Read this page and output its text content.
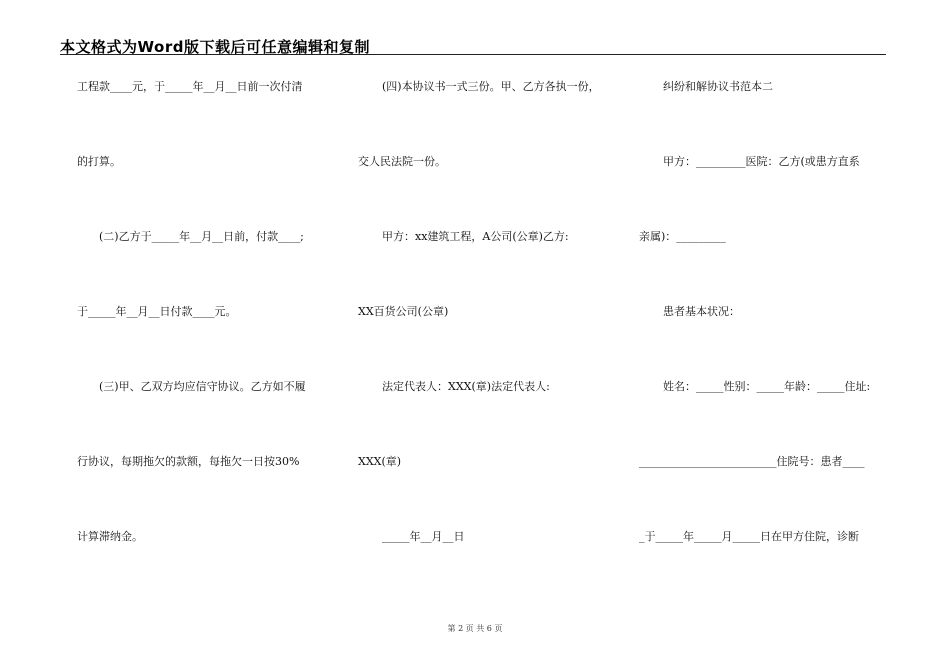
本文格式为Word版下载后可任意编辑和复制
工程款____元，于_____年__月__日前一次付清
的打算。
(二)乙方于_____年__月__日前，付款____;
于_____年__月__日付款____元。
(三)甲、乙双方均应信守协议。乙方如不履
行协议，每期拖欠的款额，每拖欠一日按30%
计算滞纳金。
(四)本协议书一式三份。甲、乙方各执一份，
交人民法院一份。
甲方：xx建筑工程，A公司(公章)乙方:
XX百货公司(公章)
法定代表人：XXX(章)法定代表人:
XXX(章)
_____年__月__日
纠纷和解协议书范本二
甲方：_________医院：乙方(或患方直系
亲属)：_________
患者基本状况：
姓名：_____性别：_____年龄：_____住址:
_________________________住院号：患者____
_于_____年_____月_____日在甲方住院，诊断
第 2 页 共 6 页
